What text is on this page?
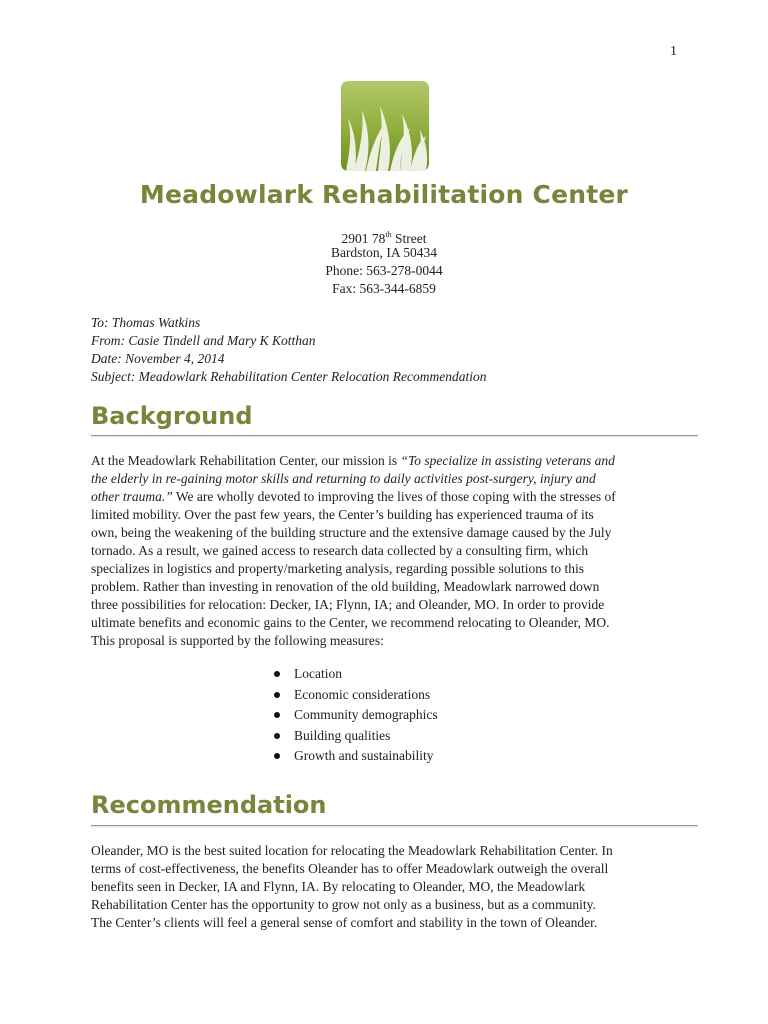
1
Meadowlark Rehabilitation Center
2901 78th Street
Bardston, IA 50434
Phone: 563-278-0044
Fax: 563-344-6859
To: Thomas Watkins
From: Casie Tindell and Mary K Kotthan
Date: November 4, 2014
Subject: Meadowlark Rehabilitation Center Relocation Recommendation
Background
At the Meadowlark Rehabilitation Center, our mission is “To specialize in assisting veterans and
the elderly in re-gaining motor skills and returning to daily activities post-surgery, injury and
other trauma.” We are wholly devoted to improving the lives of those coping with the stresses of
limited mobility. Over the past few years, the Center’s building has experienced trauma of its
own, being the weakening of the building structure and the extensive damage caused by the July
tornado. As a result, we gained access to research data collected by a consulting firm, which
specializes in logistics and property/marketing analysis, regarding possible solutions to this
problem. Rather than investing in renovation of the old building, Meadowlark narrowed down
three possibilities for relocation: Decker, IA; Flynn, IA; and Oleander, MO. In order to provide
ultimate benefits and economic gains to the Center, we recommend relocating to Oleander, MO.
This proposal is supported by the following measures:
Location
Economic considerations
Community demographics
Building qualities
Growth and sustainability
Recommendation
Oleander, MO is the best suited location for relocating the Meadowlark Rehabilitation Center. In
terms of cost-effectiveness, the benefits Oleander has to offer Meadowlark outweigh the overall
benefits seen in Decker, IA and Flynn, IA. By relocating to Oleander, MO, the Meadowlark
Rehabilitation Center has the opportunity to grow not only as a business, but as a community.
The Center’s clients will feel a general sense of comfort and stability in the town of Oleander.
